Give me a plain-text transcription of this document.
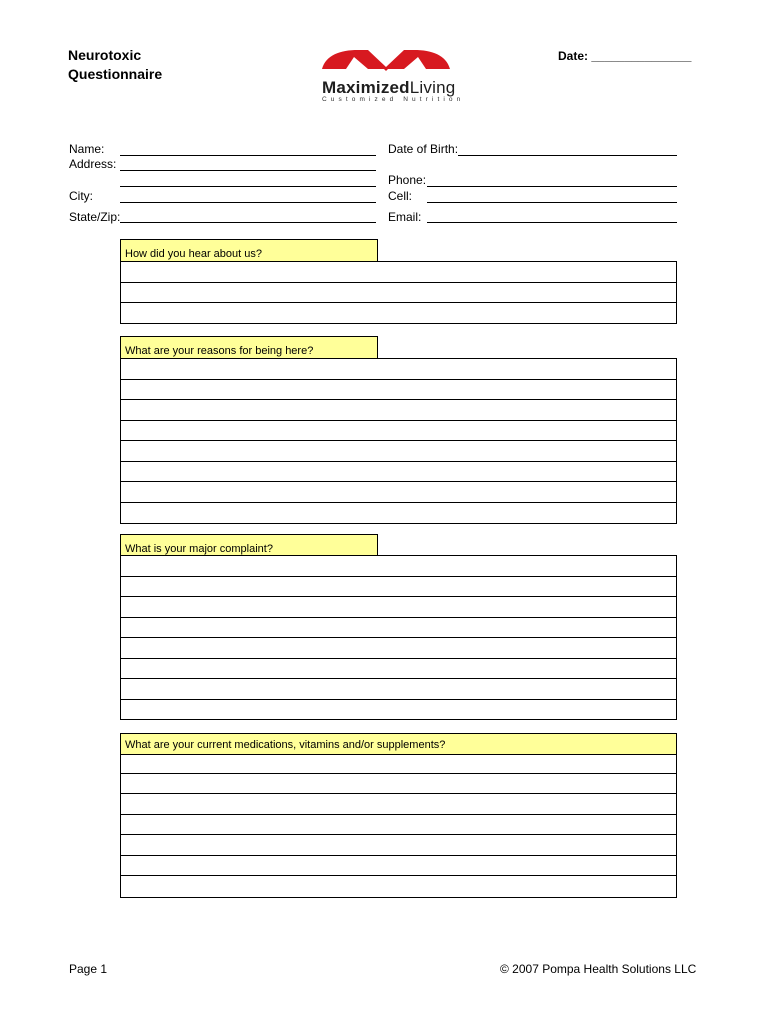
Neurotoxic
Questionnaire
Date: _______________
MaximizedLiving
Customized Nutrition
Name:
Address:
City:
State/Zip:
Date of Birth:
Phone:
Cell:
Email:
How did you hear about us?
What are your reasons for being here?
What is your major complaint?
What are your current medications, vitamins and/or supplements?
Page 1	© 2007 Pompa Health Solutions LLC
